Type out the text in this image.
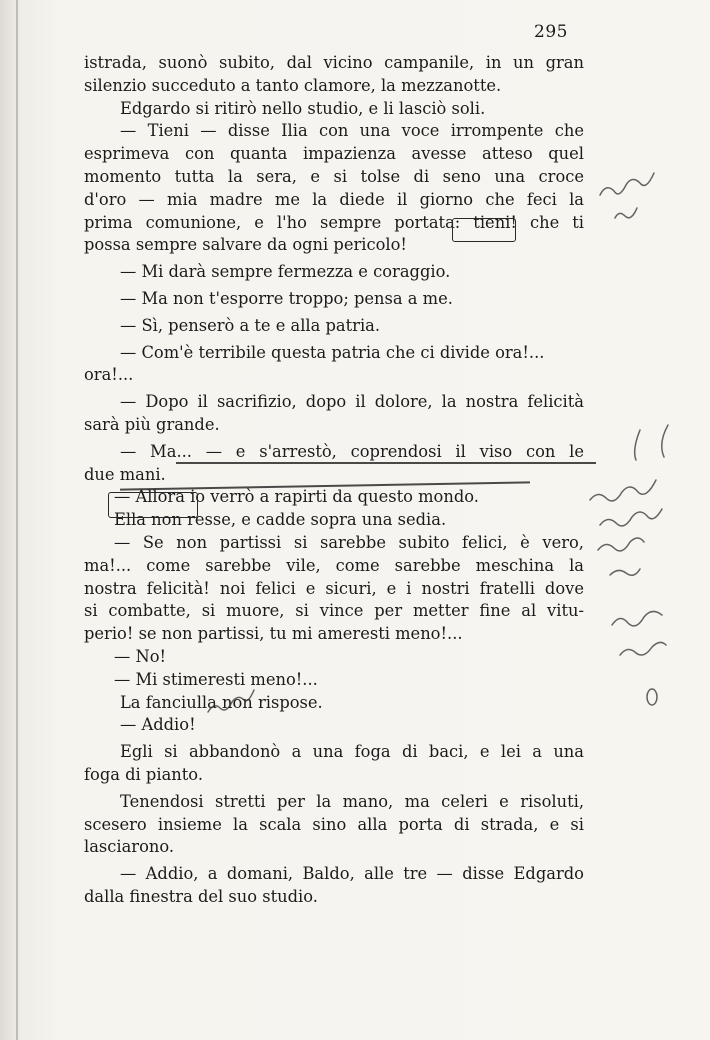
295
istrada, suonò subito, dal vicino campanile, in un gran
silenzio succeduto a tanto clamore, la mezzanotte.
Edgardo si ritirò nello studio, e li lasciò soli.
— Tieni — disse Ilia con una voce irrompente che
esprimeva con quanta impazienza avesse atteso quel
momento tutta la sera, e si tolse di seno una croce
d'oro — mia madre me la diede il giorno che feci la
prima comunione, e l'ho sempre portata: tieni! che ti
possa sempre salvare da ogni pericolo!
— Mi darà sempre fermezza e coraggio.
— Ma non t'esporre troppo; pensa a me.
— Sì, penserò a te e alla patria.
— Com'è terribile questa patria che ci divide ora!...
ora!...
— Dopo il sacrifizio, dopo il dolore, la nostra felicità
sarà più grande.
— Ma... — e s'arrestò, coprendosi il viso con le
due mani.
— Allora io verrò a rapirti da questo mondo.
Ella non resse, e cadde sopra una sedia.
— Se non partissi si sarebbe subito felici, è vero,
ma!... come sarebbe vile, come sarebbe meschina la
nostra felicità! noi felici e sicuri, e i nostri fratelli dove
si combatte, si muore, si vince per metter fine al vitu-
perio! se non partissi, tu mi ameresti meno!...
— No!
— Mi stimeresti meno!...
La fanciulla non rispose.
— Addio!
Egli si abbandonò a una foga di baci, e lei a una
foga di pianto.
Tenendosi stretti per la mano, ma celeri e risoluti,
scesero insieme la scala sino alla porta di strada, e si
lasciarono.
— Addio, a domani, Baldo, alle tre — disse Edgardo
dalla finestra del suo studio.
